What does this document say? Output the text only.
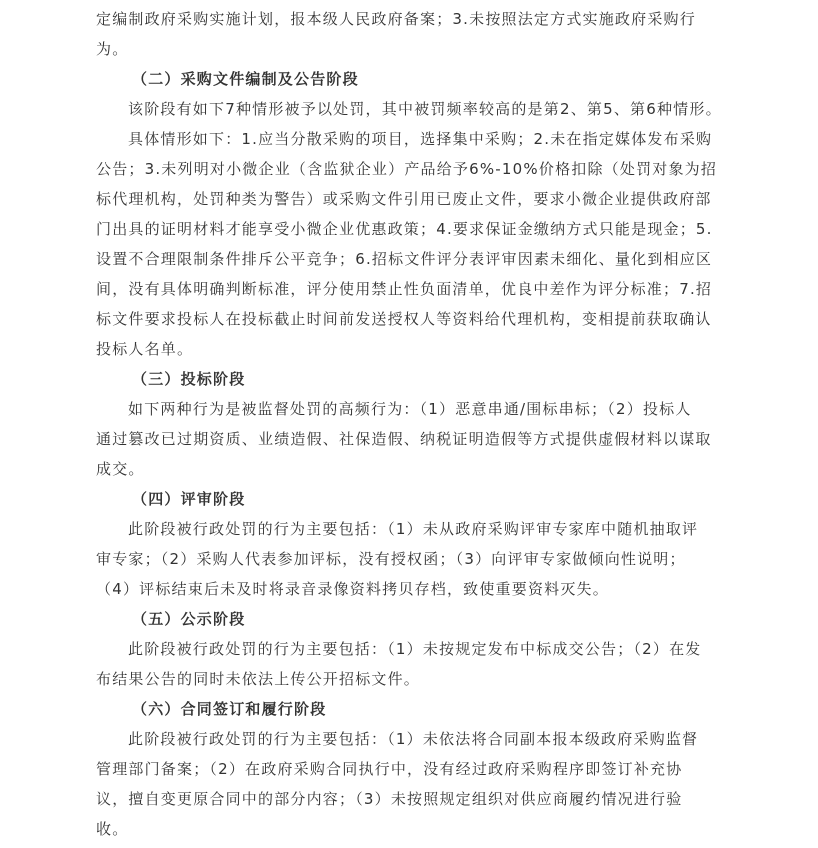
定编制政府采购实施计划，报本级人民政府备案；3.未按照法定方式实施政府采购行
为。
（二）采购文件编制及公告阶段
该阶段有如下7种情形被予以处罚，其中被罚频率较高的是第2、第5、第6种情形。
具体情形如下：1.应当分散采购的项目，选择集中采购；2.未在指定媒体发布采购
公告；3.未列明对小微企业（含监狱企业）产品给予6%-10%价格扣除（处罚对象为招
标代理机构，处罚种类为警告）或采购文件引用已废止文件，要求小微企业提供政府部
门出具的证明材料才能享受小微企业优惠政策；4.要求保证金缴纳方式只能是现金；5.
设置不合理限制条件排斥公平竞争；6.招标文件评分表评审因素未细化、量化到相应区
间，没有具体明确判断标准，评分使用禁止性负面清单，优良中差作为评分标准；7.招
标文件要求投标人在投标截止时间前发送授权人等资料给代理机构，变相提前获取确认
投标人名单。
（三）投标阶段
如下两种行为是被监督处罚的高频行为：（1）恶意串通/围标串标；（2）投标人
通过篡改已过期资质、业绩造假、社保造假、纳税证明造假等方式提供虚假材料以谋取
成交。
（四）评审阶段
此阶段被行政处罚的行为主要包括：（1）未从政府采购评审专家库中随机抽取评
审专家；（2）采购人代表参加评标，没有授权函；（3）向评审专家做倾向性说明；
（4）评标结束后未及时将录音录像资料拷贝存档，致使重要资料灭失。
（五）公示阶段
此阶段被行政处罚的行为主要包括：（1）未按规定发布中标成交公告；（2）在发
布结果公告的同时未依法上传公开招标文件。
（六）合同签订和履行阶段
此阶段被行政处罚的行为主要包括：（1）未依法将合同副本报本级政府采购监督
管理部门备案；（2）在政府采购合同执行中，没有经过政府采购程序即签订补充协
议，擅自变更原合同中的部分内容；（3）未按照规定组织对供应商履约情况进行验
收。
